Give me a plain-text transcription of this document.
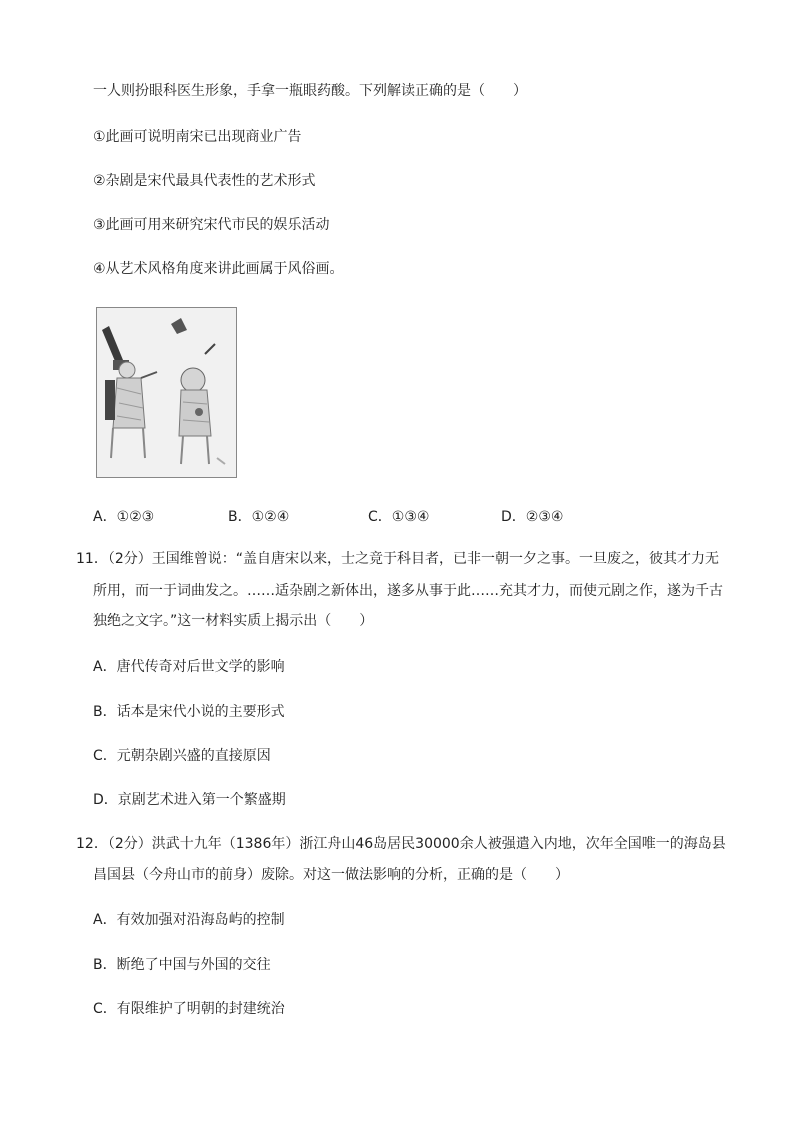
一人则扮眼科医生形象，手拿一瓶眼药酸。下列解读正确的是（　　）
①此画可说明南宋已出现商业广告
②杂剧是宋代最具代表性的艺术形式
③此画可用来研究宋代市民的娱乐活动
④从艺术风格角度来讲此画属于风俗画。
A．①②③	B．①②④	C．①③④	D．②③④
11．（2分）王国维曾说：“盖自唐宋以来，士之竞于科目者，已非一朝一夕之事。一旦废之，彼其才力无
所用，而一于词曲发之。……适杂剧之新体出，遂多从事于此……充其才力，而使元剧之作，遂为千古
独绝之文字。”这一材料实质上揭示出（　　）
A．唐代传奇对后世文学的影响
B．话本是宋代小说的主要形式
C．元朝杂剧兴盛的直接原因
D．京剧艺术进入第一个繁盛期
12．（2分）洪武十九年（1386年）浙江舟山46岛居民30000余人被强遣入内地，次年全国唯一的海岛县
昌国县（今舟山市的前身）废除。对这一做法影响的分析，正确的是（　　）
A．有效加强对沿海岛屿的控制
B．断绝了中国与外国的交往
C．有限维护了明朝的封建统治
